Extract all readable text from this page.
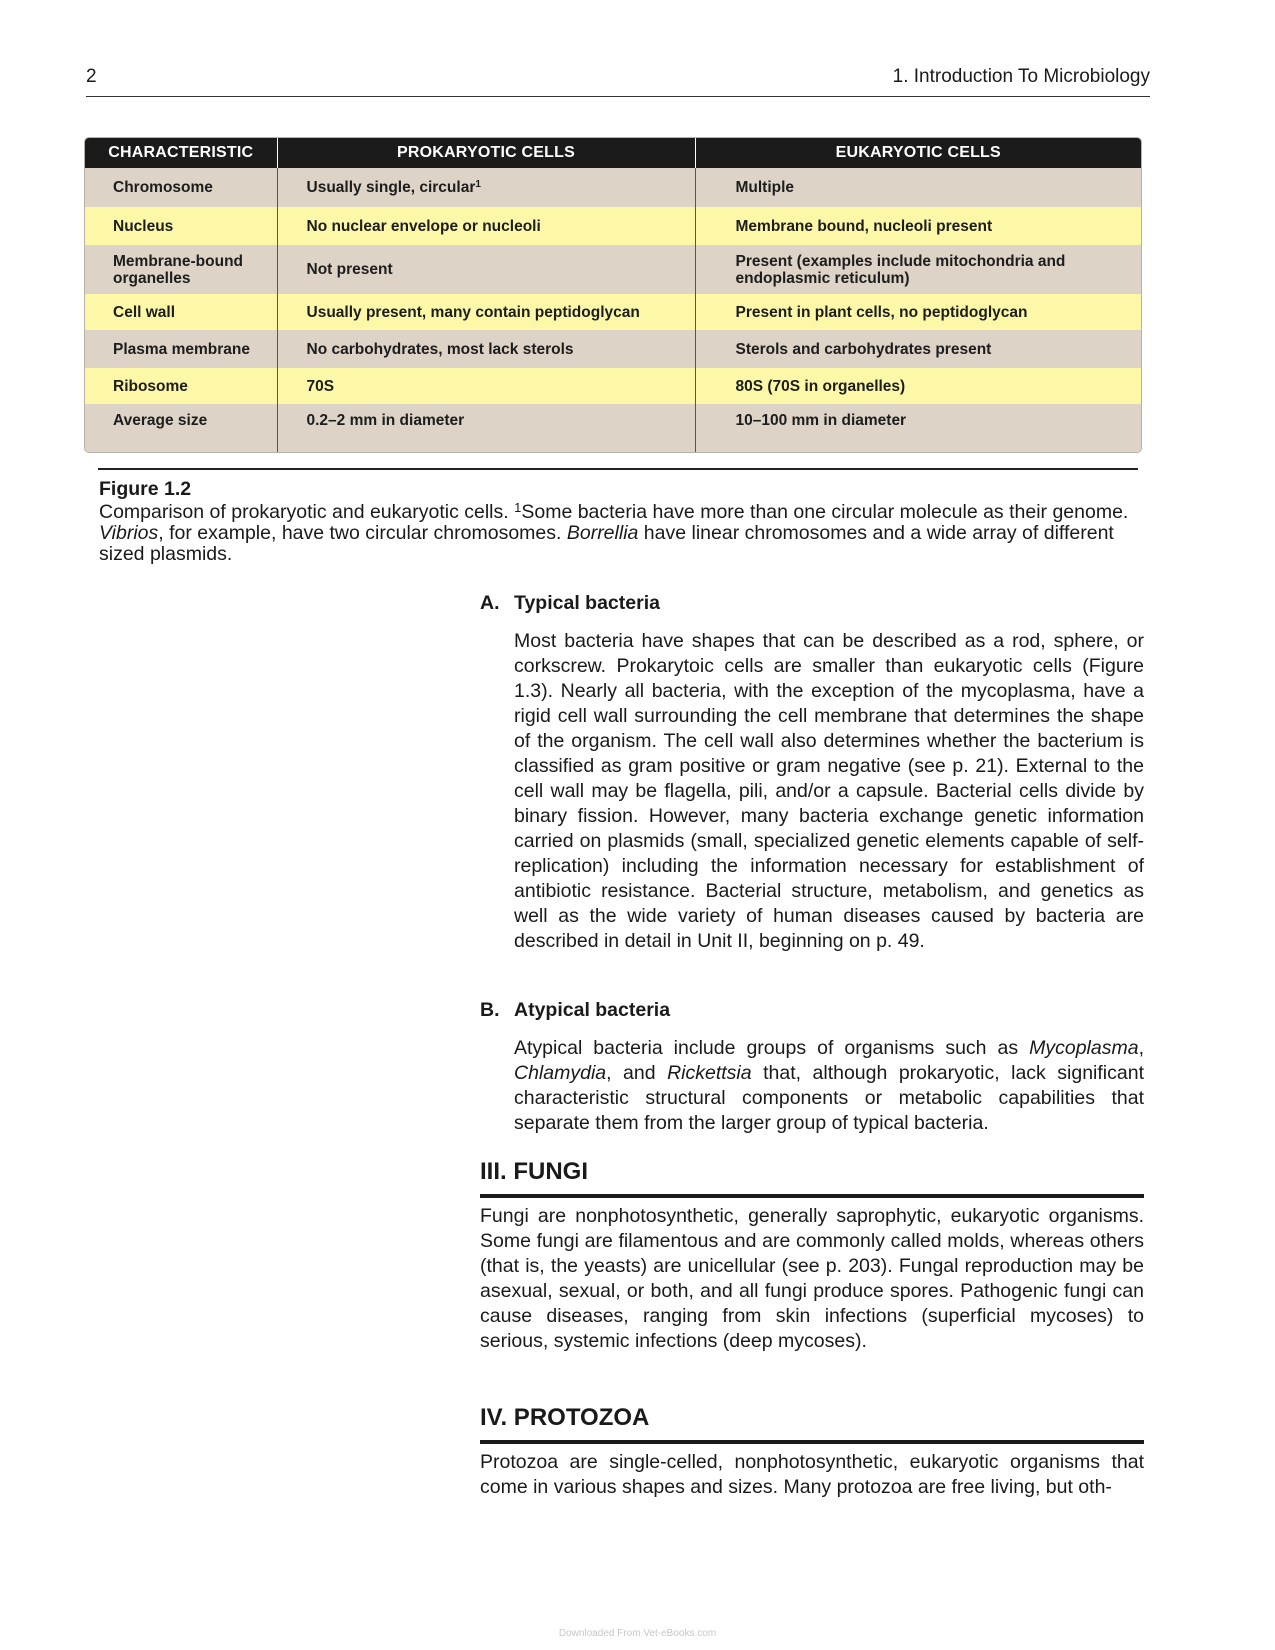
2	1. Introduction To Microbiology
CHARACTERISTIC	PROKARYOTIC CELLS	EUKARYOTIC CELLS
Chromosome	Usually single, circular$^1$	Multiple
Nucleus	No nuclear envelope or nucleoli	Membrane bound, nucleoli present
Membrane-bound organelles	Not present	Present (examples include mitochondria and endoplasmic reticulum)
Cell wall	Usually present, many contain peptidoglycan	Present in plant cells, no peptidoglycan
Plasma membrane	No carbohydrates, most lack sterols	Sterols and carbohydrates present
Ribosome	70S	80S (70S in organelles)
Average size	0.2–2 mm in diameter	10–100 mm in diameter
Figure 1.2
Comparison of prokaryotic and eukaryotic cells. $^1$Some bacteria have more than one circular molecule as their genome. Vibrios, for example, have two circular chromosomes. Borrellia have linear chromosomes and a wide array of different sized plasmids.
A. Typical bacteria
Most bacteria have shapes that can be described as a rod, sphere, or corkscrew. Prokarytoic cells are smaller than eukaryotic cells (Figure 1.3). Nearly all bacteria, with the exception of the mycoplasma, have a rigid cell wall surrounding the cell membrane that determines the shape of the organism. The cell wall also determines whether the bacterium is classified as gram positive or gram negative (see p. 21). External to the cell wall may be flagella, pili, and/or a capsule. Bacterial cells divide by binary fission. However, many bacteria exchange genetic information carried on plasmids (small, specialized genetic elements capable of self-replication) including the information necessary for establishment of antibiotic resistance. Bacterial structure, metabolism, and genetics as well as the wide variety of human diseases caused by bacteria are described in detail in Unit II, beginning on p. 49.
B. Atypical bacteria
Atypical bacteria include groups of organisms such as Mycoplasma, Chlamydia, and Rickettsia that, although prokaryotic, lack significant characteristic structural components or metabolic capabilities that separate them from the larger group of typical bacteria.
III. FUNGI
Fungi are nonphotosynthetic, generally saprophytic, eukaryotic organisms. Some fungi are filamentous and are commonly called molds, whereas others (that is, the yeasts) are unicellular (see p. 203). Fungal reproduction may be asexual, sexual, or both, and all fungi produce spores. Pathogenic fungi can cause diseases, ranging from skin infections (superficial mycoses) to serious, systemic infections (deep mycoses).
IV. PROTOZOA
Protozoa are single-celled, nonphotosynthetic, eukaryotic organisms that come in various shapes and sizes. Many protozoa are free living, but oth-
Downloaded From Vet-eBooks.com
